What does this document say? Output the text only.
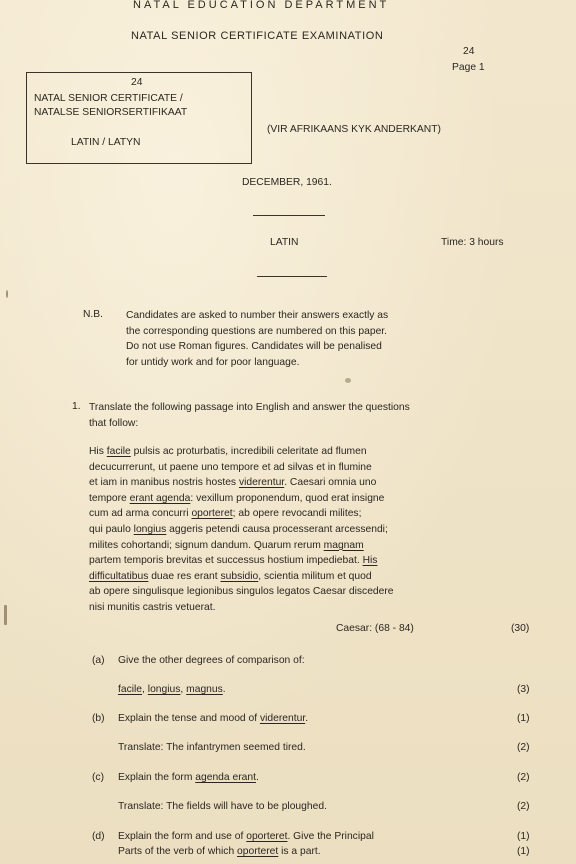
NATAL EDUCATION DEPARTMENT
NATAL SENIOR CERTIFICATE EXAMINATION
24
Page 1
24
NATAL SENIOR CERTIFICATE /
NATALSE SENIORSERTIFIKAAT
LATIN / LATYN
(VIR AFRIKAANS KYK ANDERKANT)
DECEMBER, 1961.
LATIN	Time: 3 hours
N.B. Candidates are asked to number their answers exactly as
the corresponding questions are numbered on this paper.
Do not use Roman figures. Candidates will be penalised
for untidy work and for poor language.
1. Translate the following passage into English and answer the questions
that follow:
His facile pulsis ac proturbatis, incredibili celeritate ad flumen
decucurrerunt, ut paene uno tempore et ad silvas et in flumine
et iam in manibus nostris hostes viderentur. Caesari omnia uno
tempore erant agenda: vexillum proponendum, quod erat insigne
cum ad arma concurri oporteret; ab opere revocandi milites;
qui paulo longius aggeris petendi causa processerant arcessendi;
milites cohortandi; signum dandum. Quarum rerum magnam
partem temporis brevitas et successus hostium impediebat. His
difficultatibus duae res erant subsidio, scientia militum et quod
ab opere singulisque legionibus singulos legatos Caesar discedere
nisi munitis castris vetuerat.
Caesar: (68 - 84)	(30)
(a) Give the other degrees of comparison of:
facile, longius, magnus.	(3)
(b) Explain the tense and mood of viderentur.	(1)
Translate: The infantrymen seemed tired.	(2)
(c) Explain the form agenda erant.	(2)
Translate: The fields will have to be ploughed.	(2)
(d) Explain the form and use of oporteret. Give the Principal	(1)
Parts of the verb of which oporteret is a part.	(1)
